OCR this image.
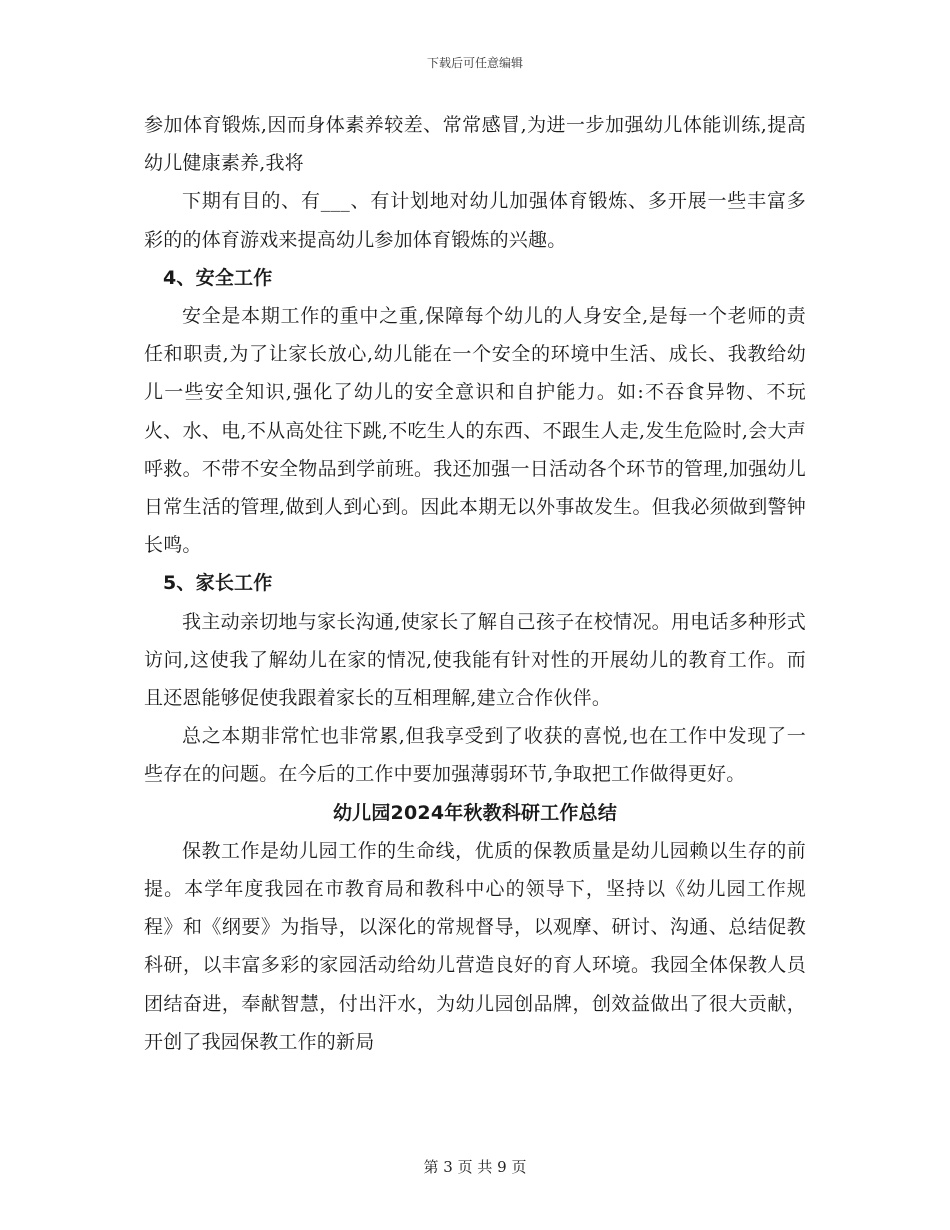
下载后可任意编辑

参加体育锻炼,因而身体素养较差、常常感冒,为进一步加强幼儿体能训练,提高幼儿健康素养,我将

下期有目的、有___、有计划地对幼儿加强体育锻炼、多开展一些丰富多彩的的体育游戏来提高幼儿参加体育锻炼的兴趣。

4、安全工作

安全是本期工作的重中之重,保障每个幼儿的人身安全,是每一个老师的责任和职责,为了让家长放心,幼儿能在一个安全的环境中生活、成长、我教给幼儿一些安全知识,强化了幼儿的安全意识和自护能力。如:不吞食异物、不玩火、水、电,不从高处往下跳,不吃生人的东西、不跟生人走,发生危险时,会大声呼救。不带不安全物品到学前班。我还加强一日活动各个环节的管理,加强幼儿日常生活的管理,做到人到心到。因此本期无以外事故发生。但我必须做到警钟长鸣。

5、家长工作

我主动亲切地与家长沟通,使家长了解自己孩子在校情况。用电话多种形式访问,这使我了解幼儿在家的情况,使我能有针对性的开展幼儿的教育工作。而且还恩能够促使我跟着家长的互相理解,建立合作伙伴。

总之本期非常忙也非常累,但我享受到了收获的喜悦,也在工作中发现了一些存在的问题。在今后的工作中要加强薄弱环节,争取把工作做得更好。

幼儿园2024年秋教科研工作总结

保教工作是幼儿园工作的生命线，优质的保教质量是幼儿园赖以生存的前提。本学年度我园在市教育局和教科中心的领导下，坚持以《幼儿园工作规程》和《纲要》为指导，以深化的常规督导，以观摩、研讨、沟通、总结促教科研，以丰富多彩的家园活动给幼儿营造良好的育人环境。我园全体保教人员团结奋进，奉献智慧，付出汗水，为幼儿园创品牌，创效益做出了很大贡献，开创了我园保教工作的新局

第 3 页 共 9 页
